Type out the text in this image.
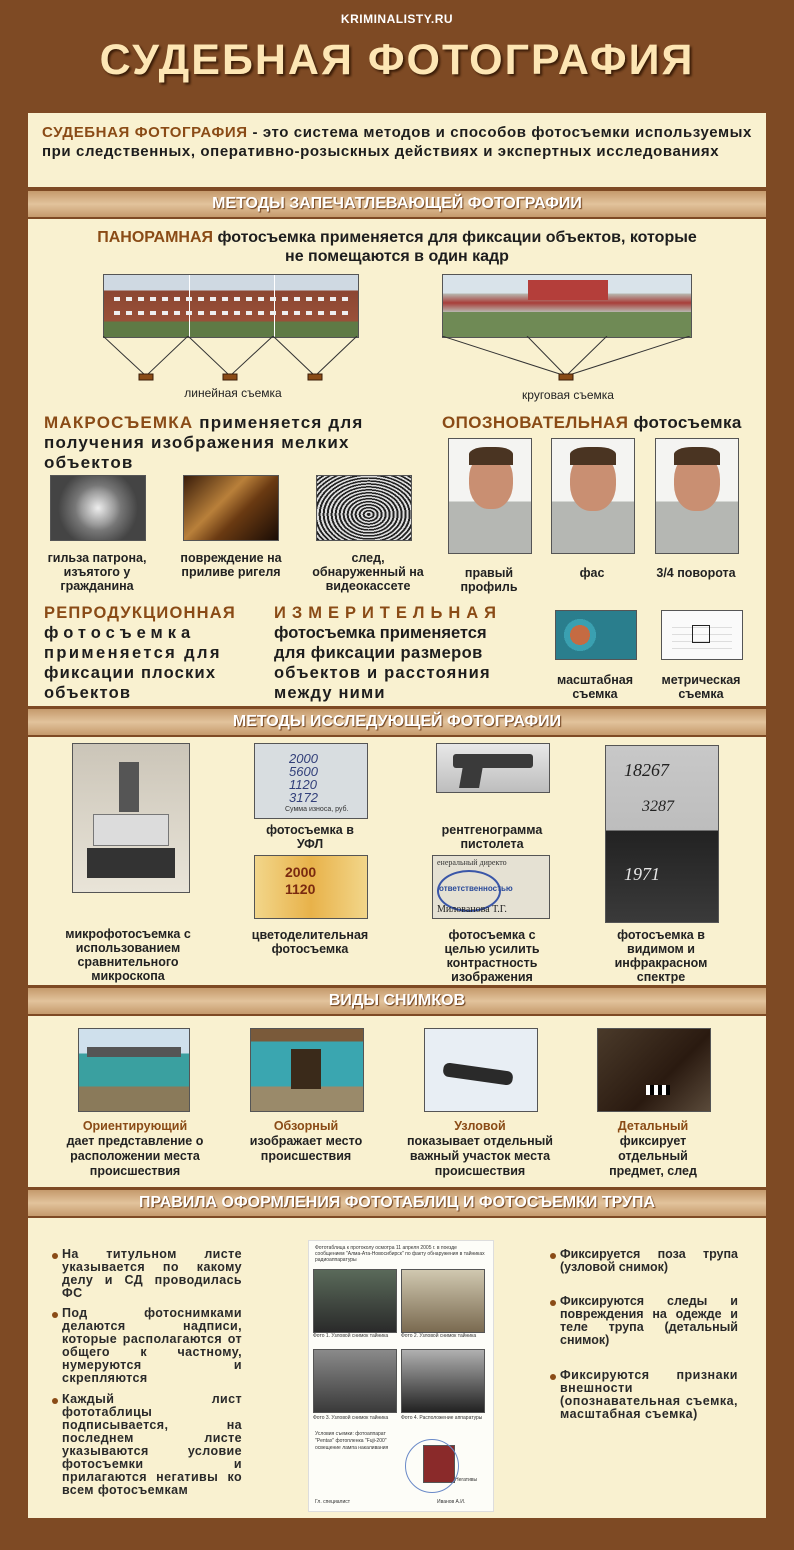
KRIMINALISTY.RU
СУДЕБНАЯ ФОТОГРАФИЯ
СУДЕБНАЯ ФОТОГРАФИЯ - это система методов и способов фотосъемки используемых при следственных, оперативно-розыскных действиях и экспертных исследованиях
МЕТОДЫ ЗАПЕЧАТЛЕВАЮЩЕЙ ФОТОГРАФИИ
ПАНОРАМНАЯ фотосъемка применяется для фиксации объектов, которые
не помещаются в один кадр
линейная съемка	круговая съемка
МАКРОСЪЕМКА применяется для
получения изображения мелких
объектов
гильза патрона, изъятого у гражданина
повреждение на приливе ригеля
след, обнаруженный на видеокассете
ОПОЗНОВАТЕЛЬНАЯ фотосъемка
правый профиль
фас	3/4 поворота
РЕПРОДУКЦИОННАЯ
фотосъемка
применяется для
фиксации плоских
объектов
ИЗМЕРИТЕЛЬНАЯ
фотосъемка применяется
для фиксации размеров
объектов и расстояния
между ними
масштабная съемка
метрическая съемка
МЕТОДЫ ИССЛЕДУЮЩЕЙ ФОТОГРАФИИ
микрофотосъемка с использованием сравнительного микроскопа
2000
5600
1120
3172
Сумма износа, руб.
фотосъемка в УФЛ
2000
1120
цветоделительная фотосъемка
рентгенограмма пистолета
енеральный директо
ответственностью
Милованова Т.Г.
фотосъемка с целью усилить контрастность изображения
18267
3287
1971
фотосъемка в видимом и инфракрасном спектре
ВИДЫ СНИМКОВ
Ориентирующий
дает представление о расположении места происшествия
Обзорный
изображает место происшествия
Узловой
показывает отдельный важный участок места происшествия
Детальный
фиксирует отдельный предмет, след
ПРАВИЛА ОФОРМЛЕНИЯ ФОТОТАБЛИЦ И ФОТОСЪЕМКИ ТРУПА
На титульном листе указывается по какому делу и СД проводилась ФС
Под фотоснимками делаются надписи, которые располагаются от общего к частному, нумеруются и скрепляются
Каждый лист фототаблицы подписывается, на последнем листе указываются условие фотосъемки и прилагаются негативы ко всем фотосъемкам
Фототаблица к протоколу осмотра 11 апреля 2005 г. в поезде сообщением "Алма-Ата-Новосибирск" по факту обнаружения в тайниках радиоаппаратуры
Фото 1. Узловой снимок тайника	Фото 2. Узловой снимок тайника
Фото 3. Узловой снимок тайника	Фото 4. Расположение аппаратуры
Условия съемки: фотоаппарат "Pentax" фотопленка "Fuji-200" освещение лампа накаливания
Негативы
Гл. специалист	Иванов А.И.
Фиксируется поза трупа (узловой снимок)
Фиксируются следы и повреждения на одежде и теле трупа (детальный снимок)
Фиксируются признаки внешности (опознавательная съемка, масштабная съемка)
